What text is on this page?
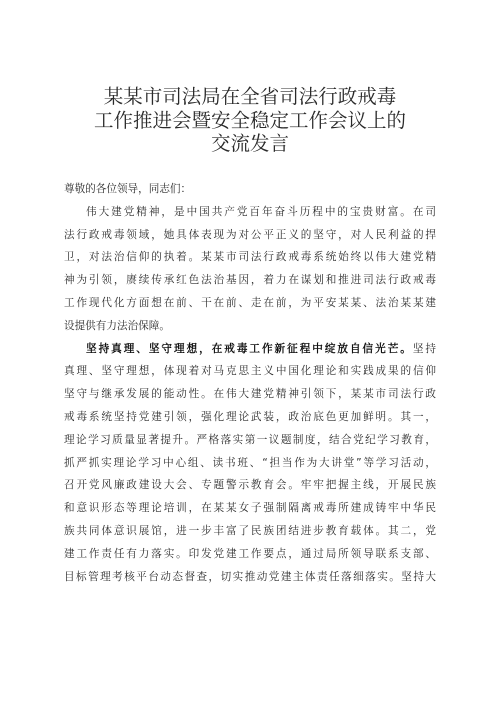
某某市司法局在全省司法行政戒毒
工作推进会暨安全稳定工作会议上的
交流发言
尊敬的各位领导，同志们：
伟大建党精神，是中国共产党百年奋斗历程中的宝贵财富。在司
法行政戒毒领域，她具体表现为对公平正义的坚守，对人民利益的捍
卫，对法治信仰的执着。某某市司法行政戒毒系统始终以伟大建党精
神为引领，赓续传承红色法治基因，着力在谋划和推进司法行政戒毒
工作现代化方面想在前、干在前、走在前，为平安某某、法治某某建
设提供有力法治保障。
坚持真理、坚守理想，在戒毒工作新征程中绽放自信光芒。坚持
真理、坚守理想，体现着对马克思主义中国化理论和实践成果的信仰
坚守与继承发展的能动性。在伟大建党精神引领下，某某市司法行政
戒毒系统坚持党建引领，强化理论武装，政治底色更加鲜明。其一，
理论学习质量显著提升。严格落实第一议题制度，结合党纪学习教育，
抓严抓实理论学习中心组、读书班、“担当作为大讲堂”等学习活动，
召开党风廉政建设大会、专题警示教育会。牢牢把握主线，开展民族
和意识形态等理论培训，在某某女子强制隔离戒毒所建成铸牢中华民
族共同体意识展馆，进一步丰富了民族团结进步教育载体。其二，党
建工作责任有力落实。印发党建工作要点，通过局所领导联系支部、
目标管理考核平台动态督查，切实推动党建主体责任落细落实。坚持大
